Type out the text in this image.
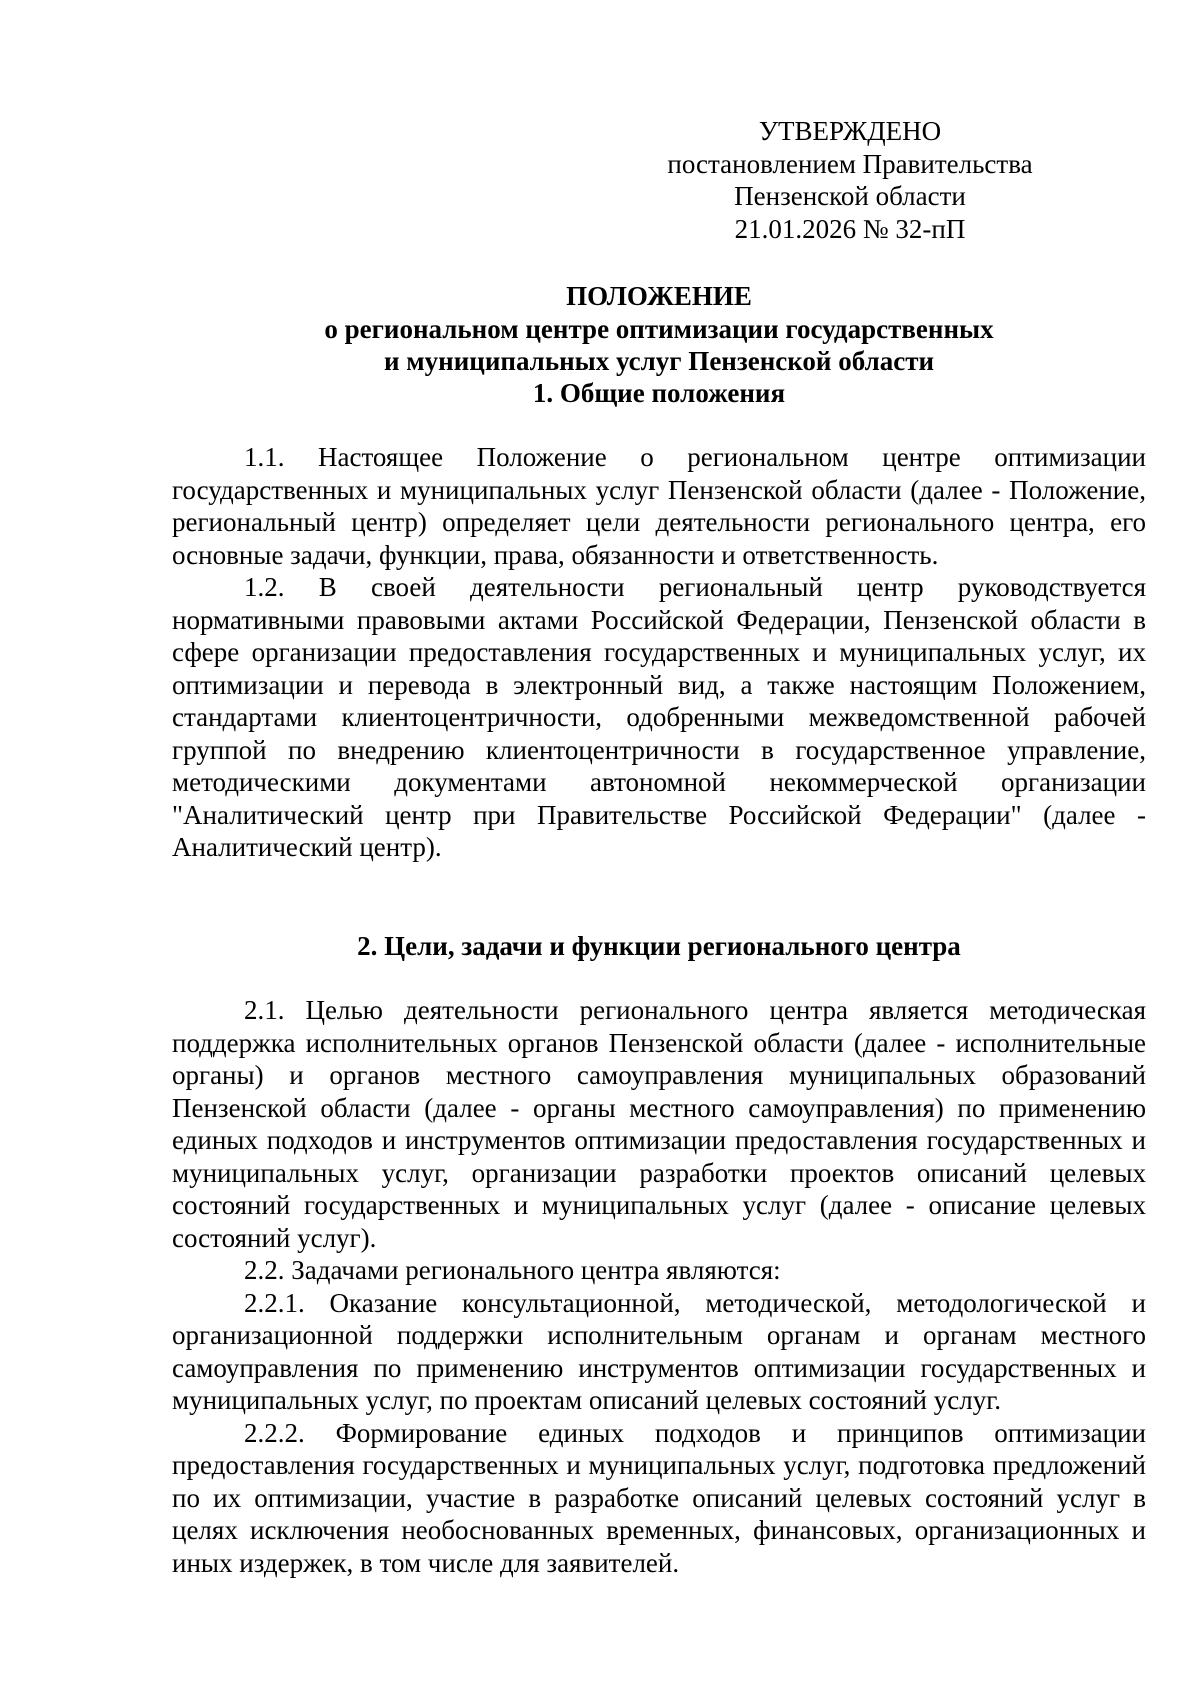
УТВЕРЖДЕНО
постановлением Правительства
Пензенской области
21.01.2026 № 32-пП
ПОЛОЖЕНИЕ
о региональном центре оптимизации государственных
и муниципальных услуг Пензенской области
1. Общие положения

1.1. Настоящее Положение о региональном центре оптимизации государственных и муниципальных услуг Пензенской области (далее - Положение, региональный центр) определяет цели деятельности регионального центра, его основные задачи, функции, права, обязанности и ответственность.

1.2. В своей деятельности региональный центр руководствуется нормативными правовыми актами Российской Федерации, Пензенской области в сфере организации предоставления государственных и муниципальных услуг, их оптимизации и перевода в электронный вид, а также настоящим Положением, стандартами клиентоцентричности, одобренными межведомственной рабочей группой по внедрению клиентоцентричности в государственное управление, методическими документами автономной некоммерческой организации "Аналитический центр при Правительстве Российской Федерации" (далее - Аналитический центр).

2. Цели, задачи и функции регионального центра

2.1. Целью деятельности регионального центра является методическая поддержка исполнительных органов Пензенской области (далее - исполнительные органы) и органов местного самоуправления муниципальных образований Пензенской области (далее - органы местного самоуправления) по применению единых подходов и инструментов оптимизации предоставления государственных и муниципальных услуг, организации разработки проектов описаний целевых состояний государственных и муниципальных услуг (далее - описание целевых состояний услуг).

2.2. Задачами регионального центра являются:

2.2.1. Оказание консультационной, методической, методологической и организационной поддержки исполнительным органам и органам местного самоуправления по применению инструментов оптимизации государственных и муниципальных услуг, по проектам описаний целевых состояний услуг.

2.2.2. Формирование единых подходов и принципов оптимизации предоставления государственных и муниципальных услуг, подготовка предложений по их оптимизации, участие в разработке описаний целевых состояний услуг в целях исключения необоснованных временных, финансовых, организационных и иных издержек, в том числе для заявителей.
